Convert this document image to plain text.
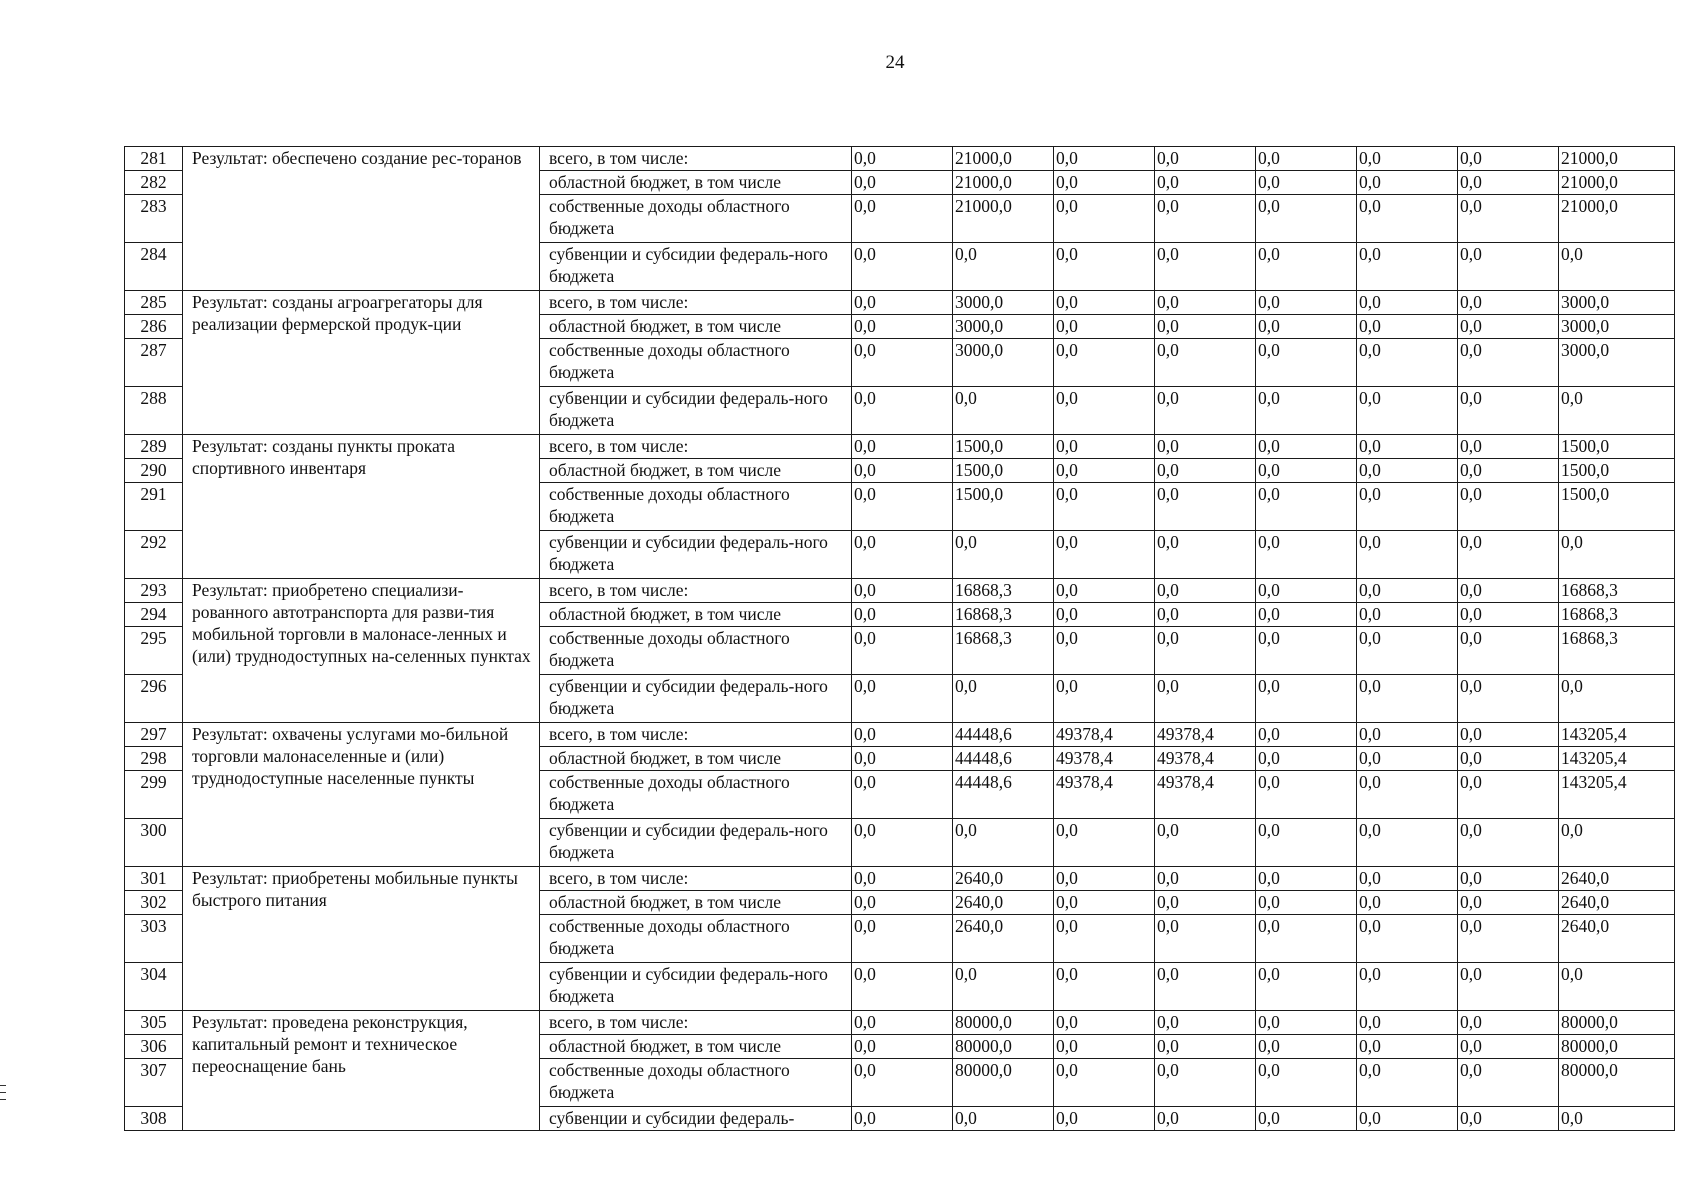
24
281	Результат: обеспечено создание рес-торанов	всего, в том числе:	0,0	21000,0	0,0	0,0	0,0	0,0	0,0	21000,0
282		областной бюджет, в том числе	0,0	21000,0	0,0	0,0	0,0	0,0	0,0	21000,0
283		собственные доходы областного бюджета	0,0	21000,0	0,0	0,0	0,0	0,0	0,0	21000,0
284		субвенции и субсидии федераль-ного бюджета	0,0	0,0	0,0	0,0	0,0	0,0	0,0	0,0
285	Результат: созданы агроагрегаторы для реализации фермерской продук-ции	всего, в том числе:	0,0	3000,0	0,0	0,0	0,0	0,0	0,0	3000,0
286		областной бюджет, в том числе	0,0	3000,0	0,0	0,0	0,0	0,0	0,0	3000,0
287		собственные доходы областного бюджета	0,0	3000,0	0,0	0,0	0,0	0,0	0,0	3000,0
288		субвенции и субсидии федераль-ного бюджета	0,0	0,0	0,0	0,0	0,0	0,0	0,0	0,0
289	Результат: созданы пункты проката спортивного инвентаря	всего, в том числе:	0,0	1500,0	0,0	0,0	0,0	0,0	0,0	1500,0
290		областной бюджет, в том числе	0,0	1500,0	0,0	0,0	0,0	0,0	0,0	1500,0
291		собственные доходы областного бюджета	0,0	1500,0	0,0	0,0	0,0	0,0	0,0	1500,0
292		субвенции и субсидии федераль-ного бюджета	0,0	0,0	0,0	0,0	0,0	0,0	0,0	0,0
293	Результат: приобретено специализи-рованного автотранспорта для разви-тия мобильной торговли в малонасе-ленных и (или) труднодоступных на-селенных пунктах	всего, в том числе:	0,0	16868,3	0,0	0,0	0,0	0,0	0,0	16868,3
294		областной бюджет, в том числе	0,0	16868,3	0,0	0,0	0,0	0,0	0,0	16868,3
295		собственные доходы областного бюджета	0,0	16868,3	0,0	0,0	0,0	0,0	0,0	16868,3
296		субвенции и субсидии федераль-ного бюджета	0,0	0,0	0,0	0,0	0,0	0,0	0,0	0,0
297	Результат: охвачены услугами мо-бильной торговли малонаселенные и (или) труднодоступные населенные пункты	всего, в том числе:	0,0	44448,6	49378,4	49378,4	0,0	0,0	0,0	143205,4
298		областной бюджет, в том числе	0,0	44448,6	49378,4	49378,4	0,0	0,0	0,0	143205,4
299		собственные доходы областного бюджета	0,0	44448,6	49378,4	49378,4	0,0	0,0	0,0	143205,4
300		субвенции и субсидии федераль-ного бюджета	0,0	0,0	0,0	0,0	0,0	0,0	0,0	0,0
301	Результат: приобретены мобильные пункты быстрого питания	всего, в том числе:	0,0	2640,0	0,0	0,0	0,0	0,0	0,0	2640,0
302		областной бюджет, в том числе	0,0	2640,0	0,0	0,0	0,0	0,0	0,0	2640,0
303		собственные доходы областного бюджета	0,0	2640,0	0,0	0,0	0,0	0,0	0,0	2640,0
304		субвенции и субсидии федераль-ного бюджета	0,0	0,0	0,0	0,0	0,0	0,0	0,0	0,0
305	Результат: проведена реконструкция, капитальный ремонт и техническое переоснащение бань	всего, в том числе:	0,0	80000,0	0,0	0,0	0,0	0,0	0,0	80000,0
306		областной бюджет, в том числе	0,0	80000,0	0,0	0,0	0,0	0,0	0,0	80000,0
307		собственные доходы областного бюджета	0,0	80000,0	0,0	0,0	0,0	0,0	0,0	80000,0
308		субвенции и субсидии федераль-	0,0	0,0	0,0	0,0	0,0	0,0	0,0	0,0
